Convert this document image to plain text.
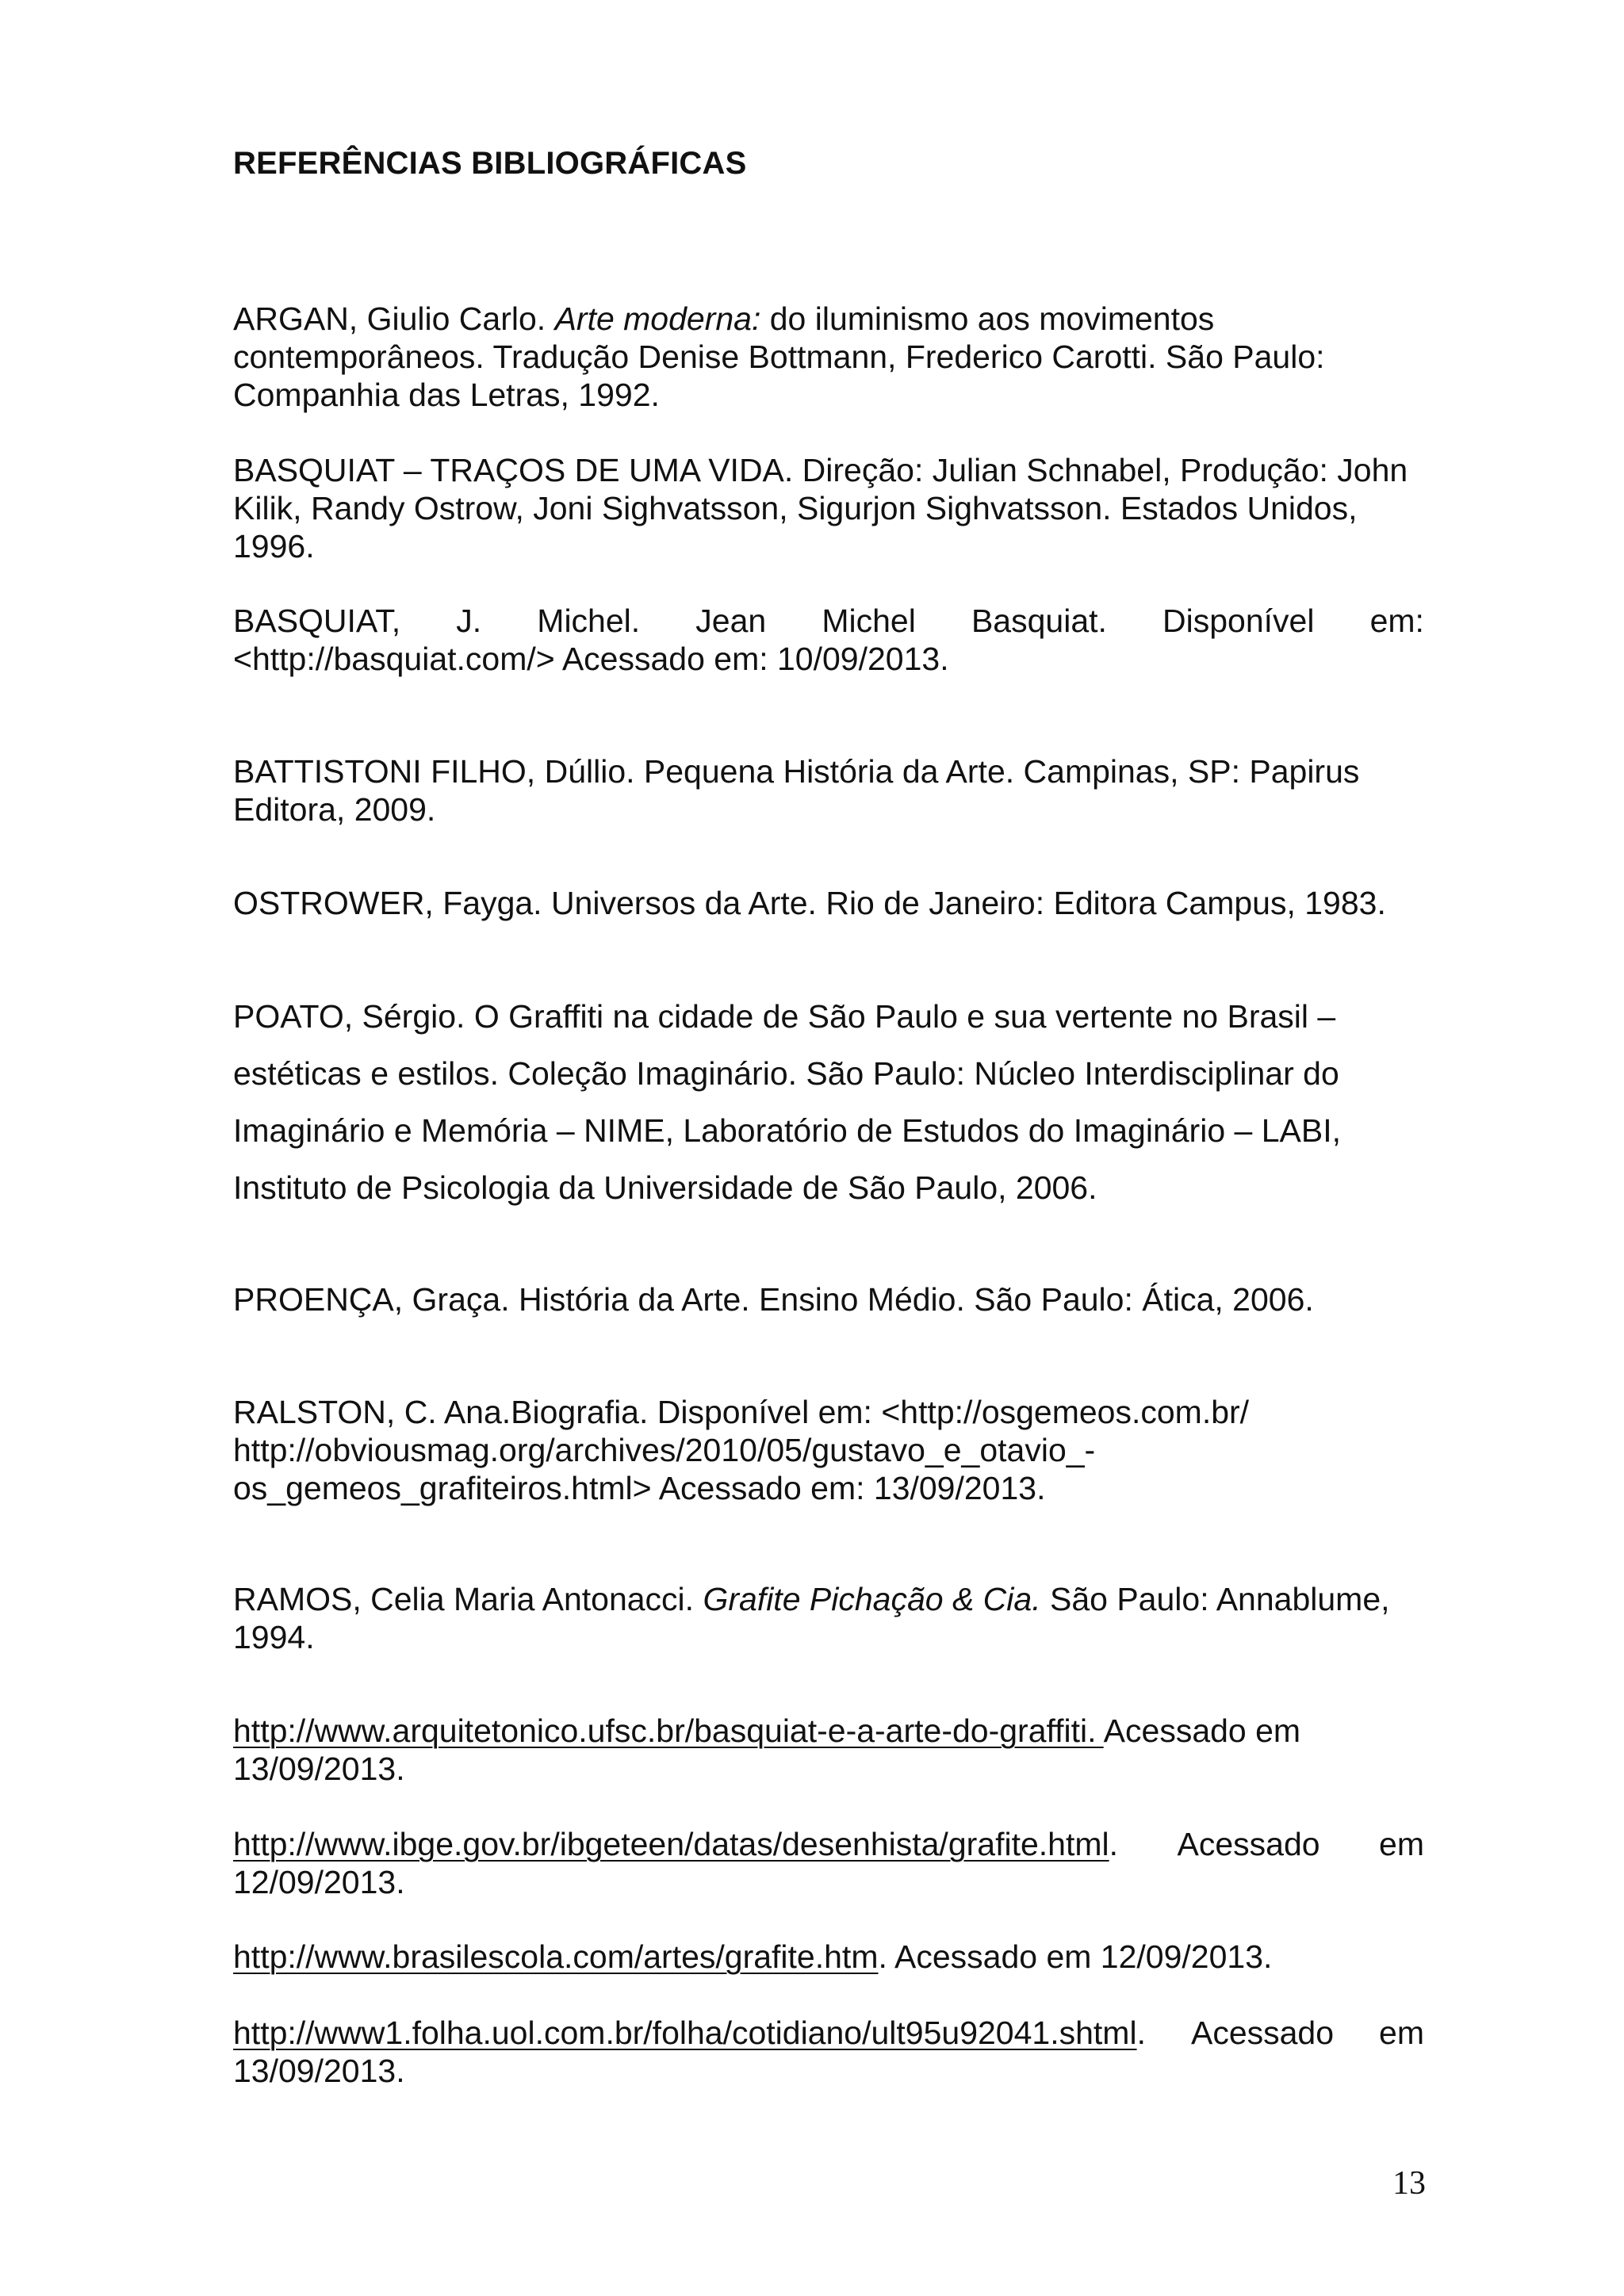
REFERÊNCIAS BIBLIOGRÁFICAS
ARGAN, Giulio Carlo. Arte moderna: do iluminismo aos movimentos
contemporâneos. Tradução Denise Bottmann, Frederico Carotti. São Paulo:
Companhia das Letras, 1992.
BASQUIAT – TRAÇOS DE UMA VIDA. Direção: Julian Schnabel, Produção: John
Kilik, Randy Ostrow, Joni Sighvatsson, Sigurjon Sighvatsson. Estados Unidos,
1996.
BASQUIAT, J. Michel. Jean Michel Basquiat. Disponível em:
<http://basquiat.com/> Acessado em: 10/09/2013.
BATTISTONI FILHO, Dúllio. Pequena História da Arte. Campinas, SP: Papirus
Editora, 2009.
OSTROWER, Fayga. Universos da Arte. Rio de Janeiro: Editora Campus, 1983.
POATO, Sérgio. O Graffiti na cidade de São Paulo e sua vertente no Brasil –
estéticas e estilos. Coleção Imaginário. São Paulo: Núcleo Interdisciplinar do
Imaginário e Memória – NIME, Laboratório de Estudos do Imaginário – LABI,
Instituto de Psicologia da Universidade de São Paulo, 2006.
PROENÇA, Graça. História da Arte. Ensino Médio. São Paulo: Ática, 2006.
RALSTON, C. Ana.Biografia. Disponível em: <http://osgemeos.com.br/
http://obviousmag.org/archives/2010/05/gustavo_e_otavio_-
os_gemeos_grafiteiros.html> Acessado em: 13/09/2013.
RAMOS, Celia Maria Antonacci. Grafite Pichação & Cia. São Paulo: Annablume,
1994.
http://www.arquitetonico.ufsc.br/basquiat-e-a-arte-do-graffiti. Acessado em
13/09/2013.
http://www.ibge.gov.br/ibgeteen/datas/desenhista/grafite.html. Acessado em
12/09/2013.
http://www.brasilescola.com/artes/grafite.htm. Acessado em 12/09/2013.
http://www1.folha.uol.com.br/folha/cotidiano/ult95u92041.shtml. Acessado em
13/09/2013.
13
